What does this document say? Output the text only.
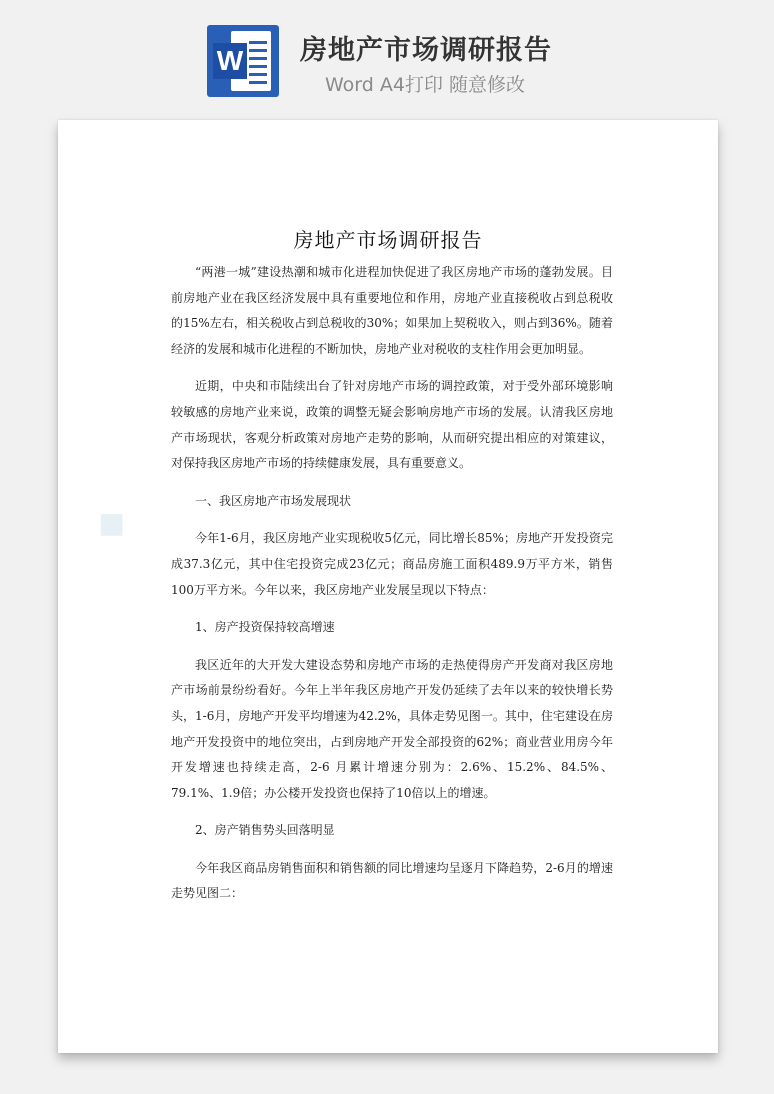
W 房地产市场调研报告
Word A4打印 随意修改
◆
房地产市场调研报告

“两港一城”建设热潮和城市化进程加快促进了我区房地产市场的蓬勃发展。目前房地产业在我区经济发展中具有重要地位和作用，房地产业直接税收占到总税收的15%左右，相关税收占到总税收的30%；如果加上契税收入，则占到36%。随着经济的发展和城市化进程的不断加快，房地产业对税收的支柱作用会更加明显。

近期，中央和市陆续出台了针对房地产市场的调控政策，对于受外部环境影响较敏感的房地产业来说，政策的调整无疑会影响房地产市场的发展。认清我区房地产市场现状，客观分析政策对房地产走势的影响，从而研究提出相应的对策建议，对保持我区房地产市场的持续健康发展，具有重要意义。

一、我区房地产市场发展现状

今年1-6月，我区房地产业实现税收5亿元，同比增长85%；房地产开发投资完成37.3亿元，其中住宅投资完成23亿元；商品房施工面积489.9万平方米，销售100万平方米。今年以来，我区房地产业发展呈现以下特点：

1、房产投资保持较高增速

我区近年的大开发大建设态势和房地产市场的走热使得房产开发商对我区房地产市场前景纷纷看好。今年上半年我区房地产开发仍延续了去年以来的较快增长势头，1-6月，房地产开发平均增速为42.2%，具体走势见图一。其中，住宅建设在房地产开发投资中的地位突出，占到房地产开发全部投资的62%；商业营业用房今年开发增速也持续走高，2-6 月累计增速分别为：2.6%、15.2%、84.5%、79.1%、1.9倍；办公楼开发投资也保持了10倍以上的增速。

2、房产销售势头回落明显

今年我区商品房销售面积和销售额的同比增速均呈逐月下降趋势，2-6月的增速走势见图二：
